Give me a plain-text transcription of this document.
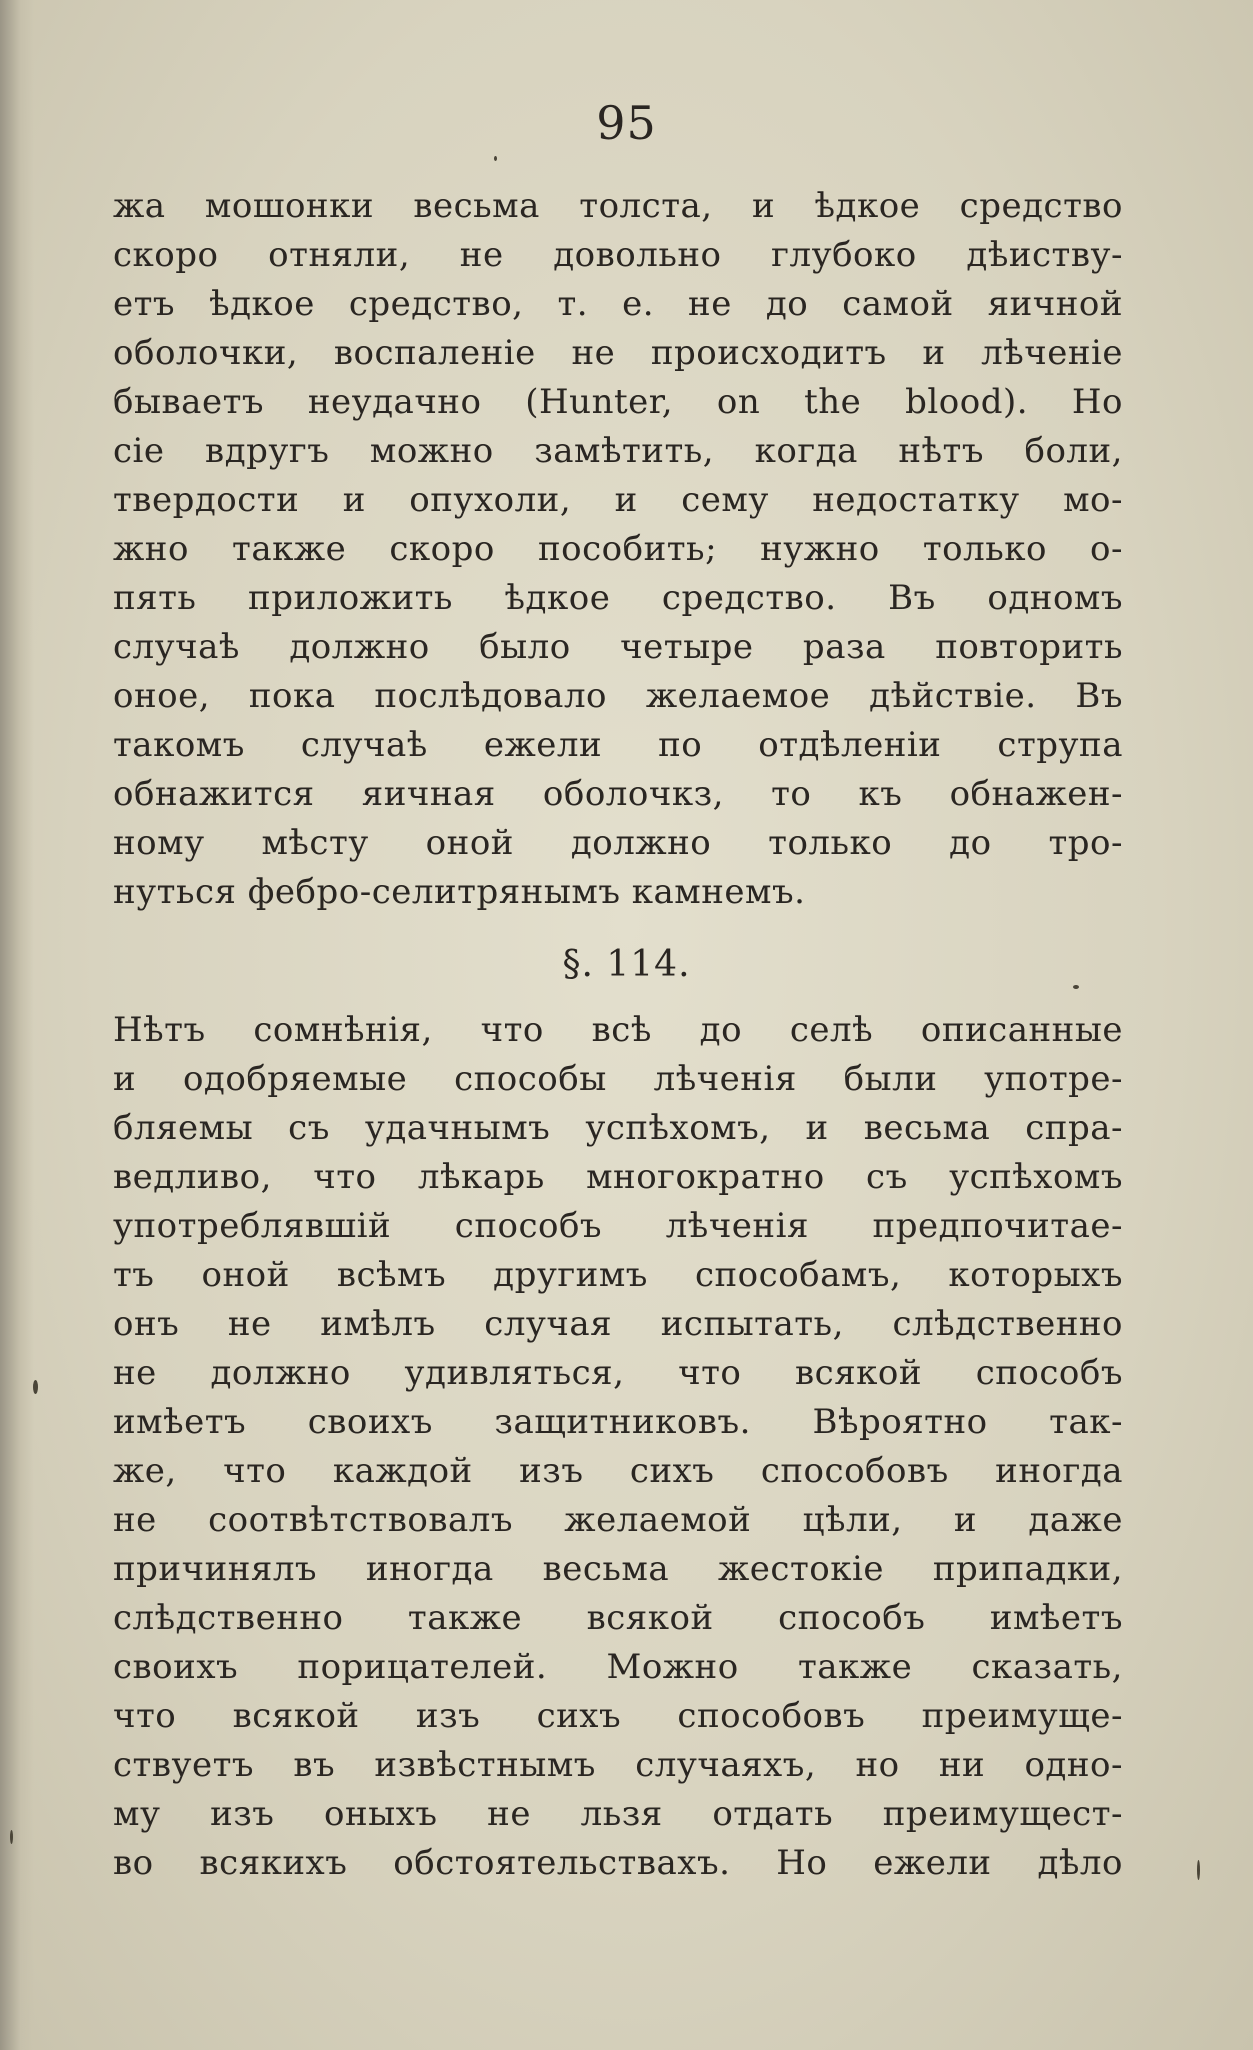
95
жа мошонки весьма толста, и ѣдкое средство
скоро отняли, не довольно глубоко дѣиству-
етъ ѣдкое средство, т. е. не до самой яичной
оболочки, воспаленіе не происходитъ и лѣченіе
бываетъ неудачно (Hunter, on the blood). Но
сіе вдругъ можно замѣтить, когда нѣтъ боли,
твердости и опухоли, и сему недостатку мо-
жно также скоро пособить; нужно только о-
пять приложить ѣдкое средство. Въ одномъ
случаѣ должно было четыре раза повторить
оное, пока послѣдовало желаемое дѣйствіе. Въ
такомъ случаѣ ежели по отдѣленіи струпа
обнажится яичная оболочкз, то къ обнажен-
ному мѣсту оной должно только до тро-
нуться фебро-селитрянымъ камнемъ.
§. 114.
Нѣтъ сомнѣнія, что всѣ до селѣ описанные
и одобряемые способы лѣченія были употре-
бляемы съ удачнымъ успѣхомъ, и весьма спра-
ведливо, что лѣкарь многократно съ успѣхомъ
употреблявшій способъ лѣченія предпочитае-
тъ оной всѣмъ другимъ способамъ, которыхъ
онъ не имѣлъ случая испытать, слѣдственно
не должно удивляться, что всякой способъ
имѣетъ своихъ защитниковъ. Вѣроятно так-
же, что каждой изъ сихъ способовъ иногда
не соотвѣтствовалъ желаемой цѣли, и даже
причинялъ иногда весьма жестокіе припадки,
слѣдственно также всякой способъ имѣетъ
своихъ порицателей. Можно также сказать,
что всякой изъ сихъ способовъ преимуще-
ствуетъ въ извѣстнымъ случаяхъ, но ни одно-
му изъ оныхъ не льзя отдать преимущест-
во всякихъ обстоятельствахъ. Но ежели дѣло
